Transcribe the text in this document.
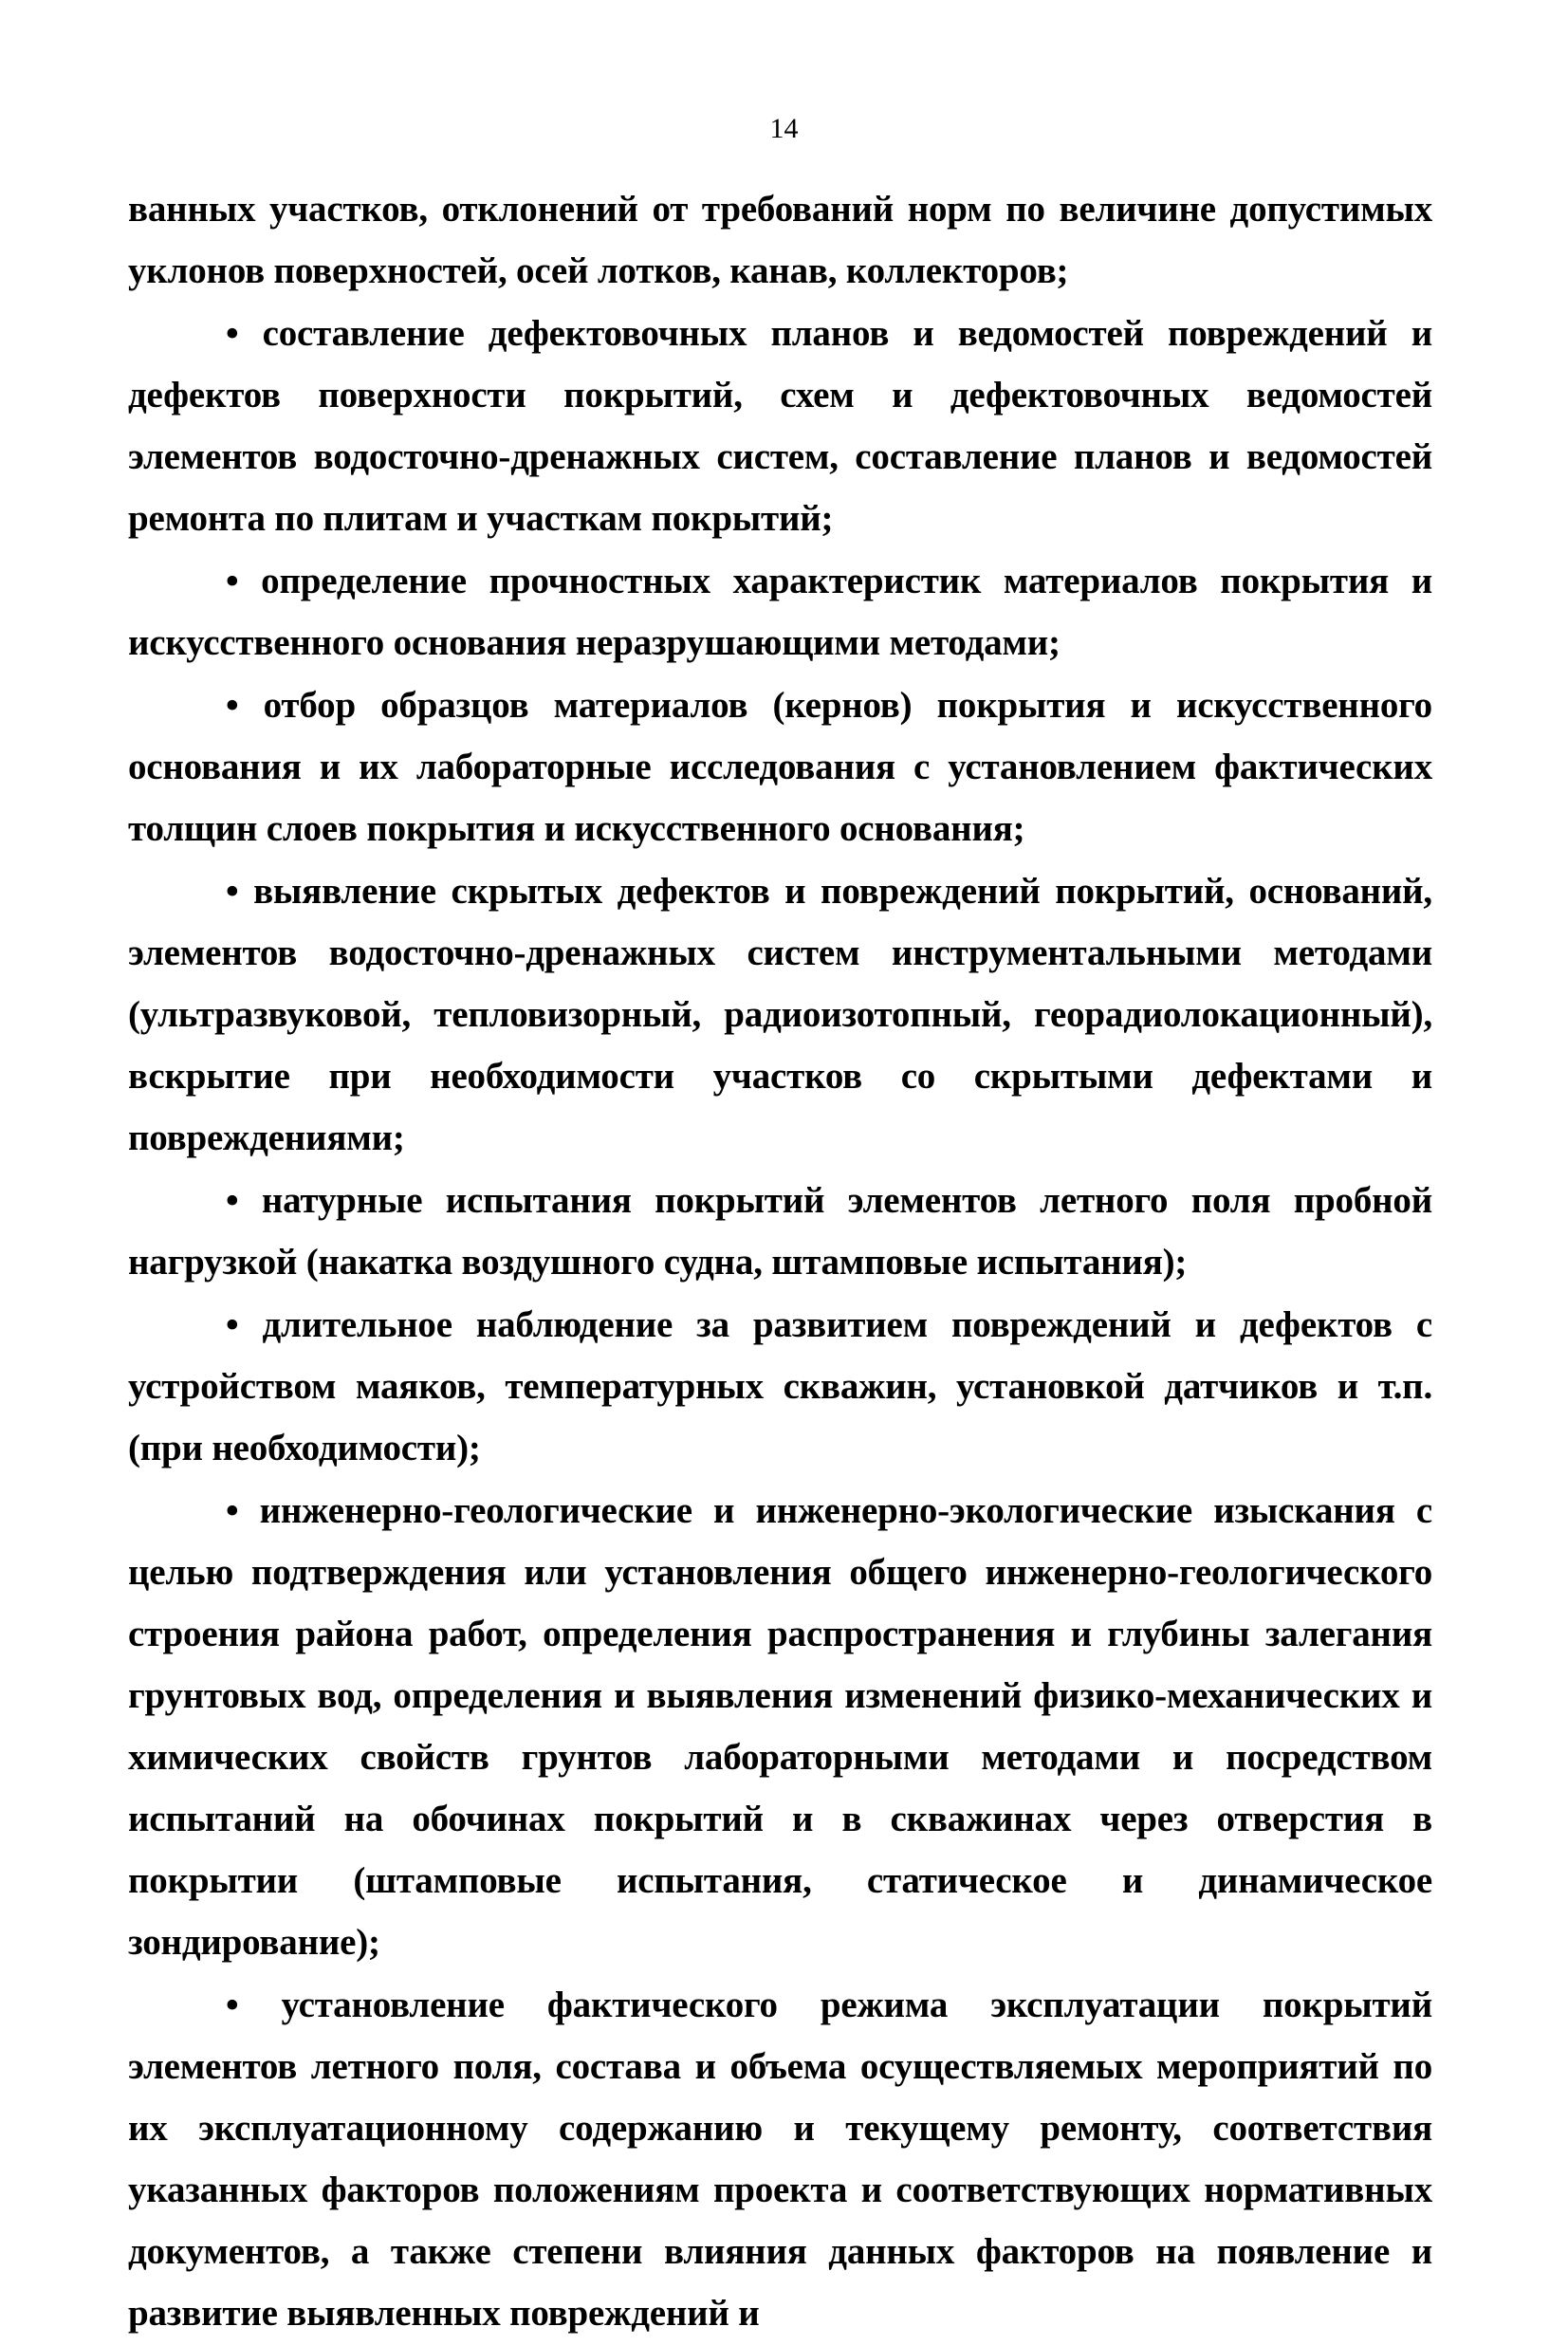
14

ванных участков, отклонений от требований норм по величине допустимых уклонов поверхностей, осей лотков, канав, коллекторов;

• составление дефектовочных планов и ведомостей повреждений и дефектов поверхности покрытий, схем и дефектовочных ведомостей элементов водосточно-дренажных систем, составление планов и ведомостей ремонта по плитам и участкам покрытий;

• определение прочностных характеристик материалов покрытия и искусственного основания неразрушающими методами;

• отбор образцов материалов (кернов) покрытия и искусственного основания и их лабораторные исследования с установлением фактических толщин слоев покрытия и искусственного основания;

• выявление скрытых дефектов и повреждений покрытий, оснований, элементов водосточно-дренажных систем инструментальными методами (ультразвуковой, тепловизорный, радиоизотопный, георадиолокационный), вскрытие при необходимости участков со скрытыми дефектами и повреждениями;

• натурные испытания покрытий элементов летного поля пробной нагрузкой (накатка воздушного судна, штамповые испытания);

• длительное наблюдение за развитием повреждений и дефектов с устройством маяков, температурных скважин, установкой датчиков и т.п. (при необходимости);

• инженерно-геологические и инженерно-экологические изыскания с целью подтверждения или установления общего инженерно-геологического строения района работ, определения распространения и глубины залегания грунтовых вод, определения и выявления изменений физико-механических и химических свойств грунтов лабораторными методами и посредством испытаний на обочинах покрытий и в скважинах через отверстия в покрытии (штамповые испытания, статическое и динамическое зондирование);

• установление фактического режима эксплуатации покрытий элементов летного поля, состава и объема осуществляемых мероприятий по их эксплуатационному содержанию и текущему ремонту, соответствия указанных факторов положениям проекта и соответствующих нормативных документов, а также степени влияния данных факторов на появление и развитие выявленных повреждений и
